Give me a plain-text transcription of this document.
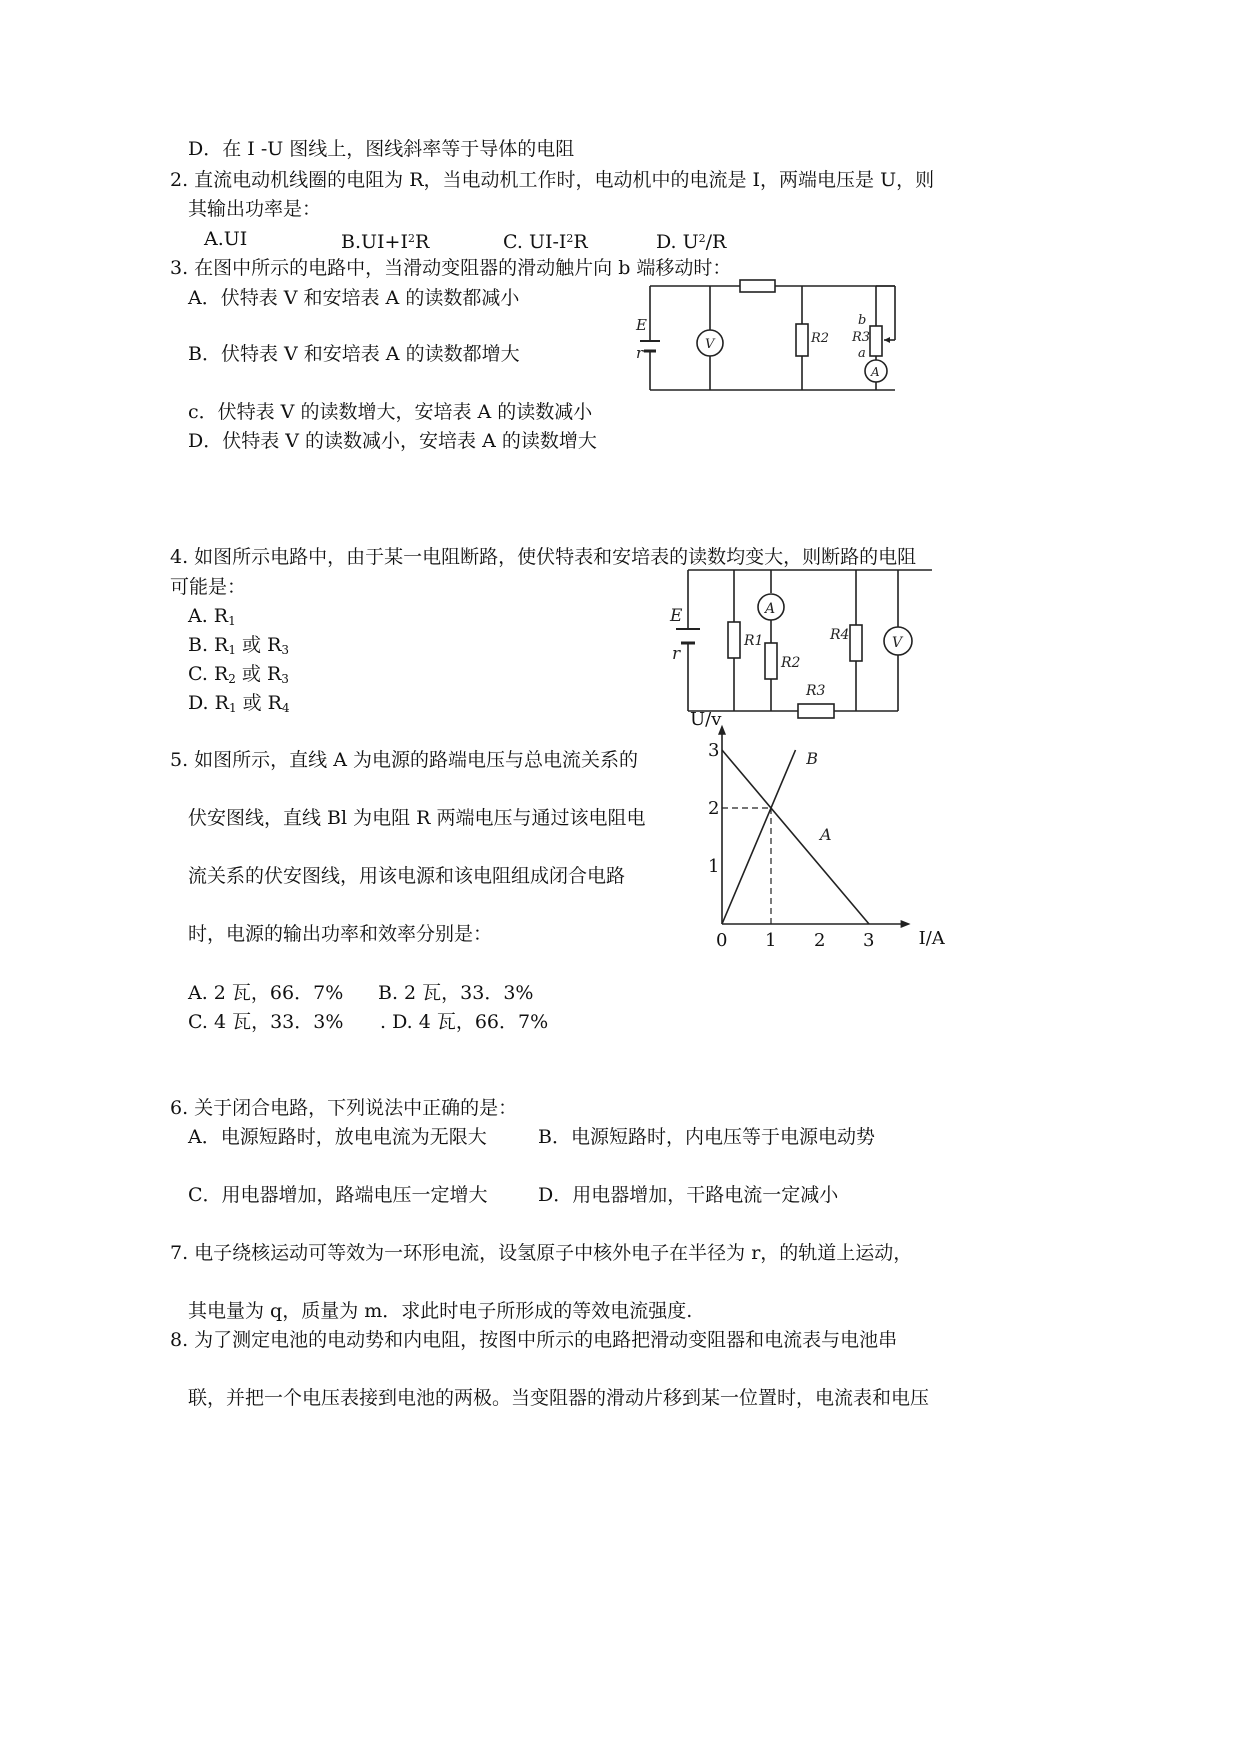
D．在 I -U 图线上，图线斜率等于导体的电阻
2. 直流电动机线圈的电阻为 R，当电动机工作时，电动机中的电流是 I，两端电压是 U，则
其输出功率是：
A.UI	$B.UI+I^2R$	C. $UI-I^2R$	D. $U^2/R$
3. 在图中所示的电路中，当滑动变阻器的滑动触片向 b 端移动时：
A．伏特表 V 和安培表 A 的读数都减小
B．伏特表 V 和安培表 A 的读数都增大
c．伏特表 V 的读数增大，安培表 A 的读数减小
D．伏特表 V 的读数减小，安培表 A 的读数增大
E
r	V	R2
b
R3
a
A
4. 如图所示电路中，由于某一电阻断路，使伏特表和安培表的读数均变大，则断路的电阻
可能是：
A. $R_1$
B. $R_1$ 或 $R_3$
C. $R_2$ 或 $R_3$
D. $R_1$ 或 $R_4$
E
r
A
R1
R2
R3
R4	V
5. 如图所示，直线 A 为电源的路端电压与总电流关系的
伏安图线，直线 Bl 为电阻 R 两端电压与通过该电阻电
流关系的伏安图线，用该电源和该电阻组成闭合电路
时，电源的输出功率和效率分别是：
A. 2 瓦，66．7% B. 2 瓦，33．3%
C. 4 瓦，33．3% . D. 4 瓦，66．7%
U/v
I/A
0 1 2 3
1
2
3	B
A
6. 关于闭合电路，下列说法中正确的是：
A．电源短路时，放电电流为无限大	B．电源短路时，内电压等于电源电动势
C．用电器增加，路端电压一定增大	D．用电器增加，干路电流一定减小
7. 电子绕核运动可等效为一环形电流，设氢原子中核外电子在半径为 r，的轨道上运动，
其电量为 q，质量为 m．求此时电子所形成的等效电流强度.
8. 为了测定电池的电动势和内电阻，按图中所示的电路把滑动变阻器和电流表与电池串
联，并把一个电压表接到电池的两极。当变阻器的滑动片移到某一位置时，电流表和电压
